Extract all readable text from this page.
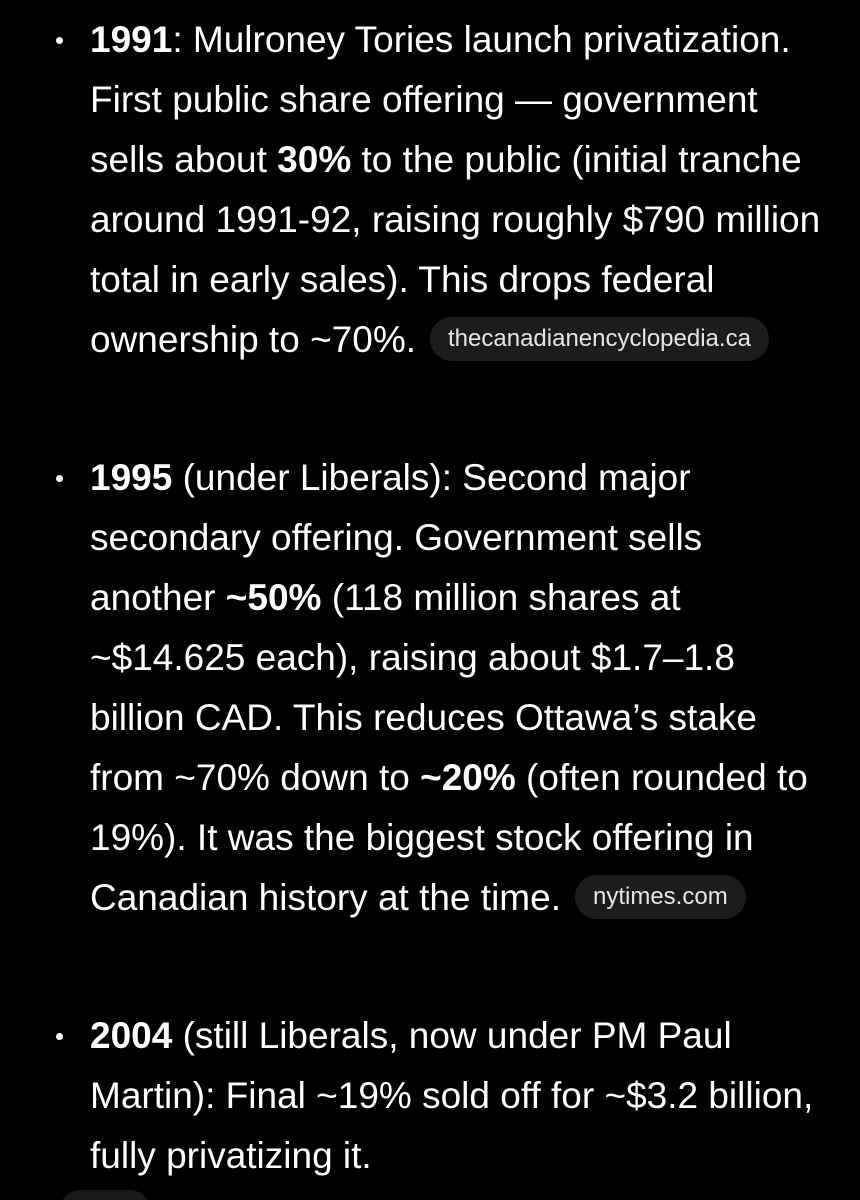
1991: Mulroney Tories launch privatization. First public share offering — government sells about 30% to the public (initial tranche around 1991-92, raising roughly $790 million total in early sales). This drops federal ownership to ~70%. thecanadianencyclopedia.ca
1995 (under Liberals): Second major secondary offering. Government sells another ~50% (118 million shares at ~$14.625 each), raising about $1.7–1.8 billion CAD. This reduces Ottawa’s stake from ~70% down to ~20% (often rounded to 19%). It was the biggest stock offering in Canadian history at the time. nytimes.com
2004 (still Liberals, now under PM Paul Martin): Final ~19% sold off for ~$3.2 billion, fully privatizing it.
